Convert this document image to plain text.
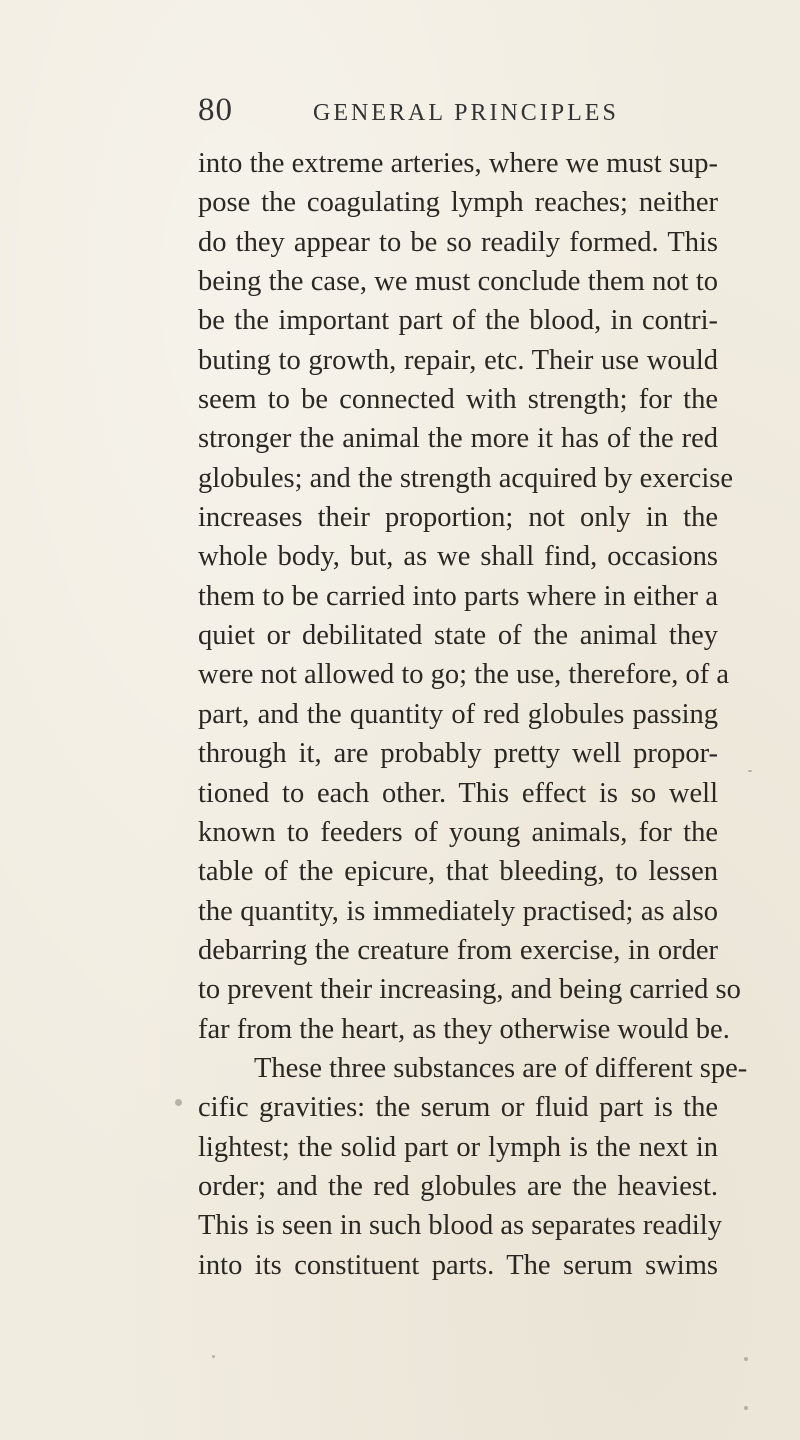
80	GENERAL PRINCIPLES
into the extreme arteries, where we must sup-
pose the coagulating lymph reaches; neither
do they appear to be so readily formed. This
being the case, we must conclude them not to
be the important part of the blood, in contri-
buting to growth, repair, etc. Their use would
seem to be connected with strength; for the
stronger the animal the more it has of the red
globules; and the strength acquired by exercise
increases their proportion; not only in the
whole body, but, as we shall find, occasions
them to be carried into parts where in either a
quiet or debilitated state of the animal they
were not allowed to go; the use, therefore, of a
part, and the quantity of red globules passing
through it, are probably pretty well propor-
tioned to each other. This effect is so well
known to feeders of young animals, for the
table of the epicure, that bleeding, to lessen
the quantity, is immediately practised; as also
debarring the creature from exercise, in order
to prevent their increasing, and being carried so
far from the heart, as they otherwise would be.
These three substances are of different spe-
cific gravities: the serum or fluid part is the
lightest; the solid part or lymph is the next in
order; and the red globules are the heaviest.
This is seen in such blood as separates readily
into its constituent parts. The serum swims
